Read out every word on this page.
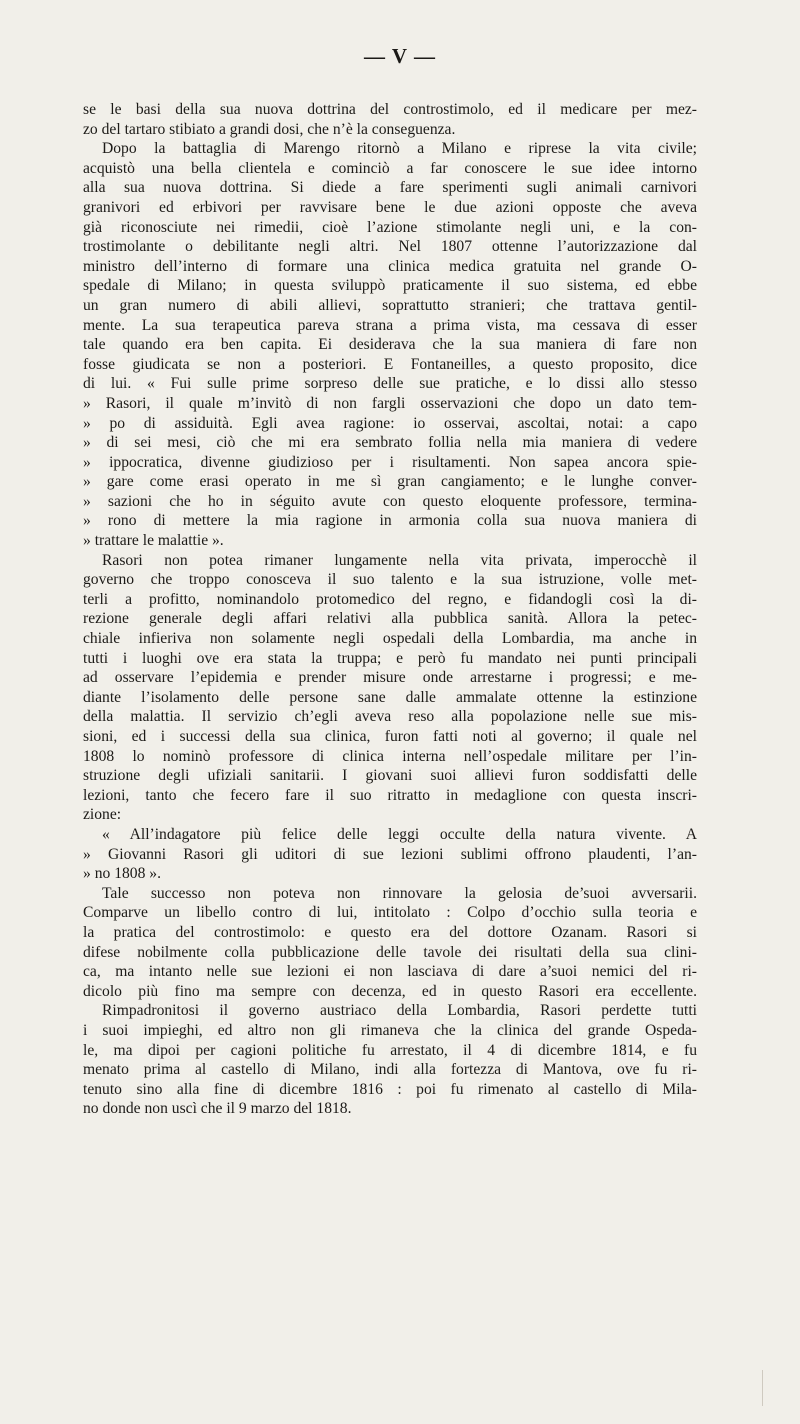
— V —
se le basi della sua nuova dottrina del controstimolo, ed il medicare per mez-
zo del tartaro stibiato a grandi dosi, che n’è la conseguenza.
Dopo la battaglia di Marengo ritornò a Milano e riprese la vita civile;
acquistò una bella clientela e cominciò a far conoscere le sue idee intorno
alla sua nuova dottrina. Si diede a fare sperimenti sugli animali carnivori
granivori ed erbivori per ravvisare bene le due azioni opposte che aveva
già riconosciute nei rimedii, cioè l’azione stimolante negli uni, e la con-
trostimolante o debilitante negli altri. Nel 1807 ottenne l’autorizzazione dal
ministro dell’interno di formare una clinica medica gratuita nel grande O-
spedale di Milano; in questa sviluppò praticamente il suo sistema, ed ebbe
un gran numero di abili allievi, soprattutto stranieri; che trattava gentil-
mente. La sua terapeutica pareva strana a prima vista, ma cessava di esser
tale quando era ben capita. Ei desiderava che la sua maniera di fare non
fosse giudicata se non a posteriori. E Fontaneilles, a questo proposito, dice
di lui. « Fui sulle prime sorpreso delle sue pratiche, e lo dissi allo stesso
» Rasori, il quale m’invitò di non fargli osservazioni che dopo un dato tem-
» po di assiduità. Egli avea ragione: io osservai, ascoltai, notai: a capo
» di sei mesi, ciò che mi era sembrato follia nella mia maniera di vedere
» ippocratica, divenne giudizioso per i risultamenti. Non sapea ancora spie-
» gare come erasi operato in me sì gran cangiamento; e le lunghe conver-
» sazioni che ho in séguito avute con questo eloquente professore, termina-
» rono di mettere la mia ragione in armonia colla sua nuova maniera di
» trattare le malattie ».
Rasori non potea rimaner lungamente nella vita privata, imperocchè il
governo che troppo conosceva il suo talento e la sua istruzione, volle met-
terli a profitto, nominandolo protomedico del regno, e fidandogli così la di-
rezione generale degli affari relativi alla pubblica sanità. Allora la petec-
chiale infieriva non solamente negli ospedali della Lombardia, ma anche in
tutti i luoghi ove era stata la truppa; e però fu mandato nei punti principali
ad osservare l’epidemia e prender misure onde arrestarne i progressi; e me-
diante l’isolamento delle persone sane dalle ammalate ottenne la estinzione
della malattia. Il servizio ch’egli aveva reso alla popolazione nelle sue mis-
sioni, ed i successi della sua clinica, furon fatti noti al governo; il quale nel
1808 lo nominò professore di clinica interna nell’ospedale militare per l’in-
struzione degli ufiziali sanitarii. I giovani suoi allievi furon soddisfatti delle
lezioni, tanto che fecero fare il suo ritratto in medaglione con questa inscri-
zione:
« All’indagatore più felice delle leggi occulte della natura vivente. A
» Giovanni Rasori gli uditori di sue lezioni sublimi offrono plaudenti, l’an-
» no 1808 ».
Tale successo non poteva non rinnovare la gelosia de’suoi avversarii.
Comparve un libello contro di lui, intitolato : Colpo d’occhio sulla teoria e
la pratica del controstimolo: e questo era del dottore Ozanam. Rasori si
difese nobilmente colla pubblicazione delle tavole dei risultati della sua clini-
ca, ma intanto nelle sue lezioni ei non lasciava di dare a’suoi nemici del ri-
dicolo più fino ma sempre con decenza, ed in questo Rasori era eccellente.
Rimpadronitosi il governo austriaco della Lombardia, Rasori perdette tutti
i suoi impieghi, ed altro non gli rimaneva che la clinica del grande Ospeda-
le, ma dipoi per cagioni politiche fu arrestato, il 4 di dicembre 1814, e fu
menato prima al castello di Milano, indi alla fortezza di Mantova, ove fu ri-
tenuto sino alla fine di dicembre 1816 : poi fu rimenato al castello di Mila-
no donde non uscì che il 9 marzo del 1818.
